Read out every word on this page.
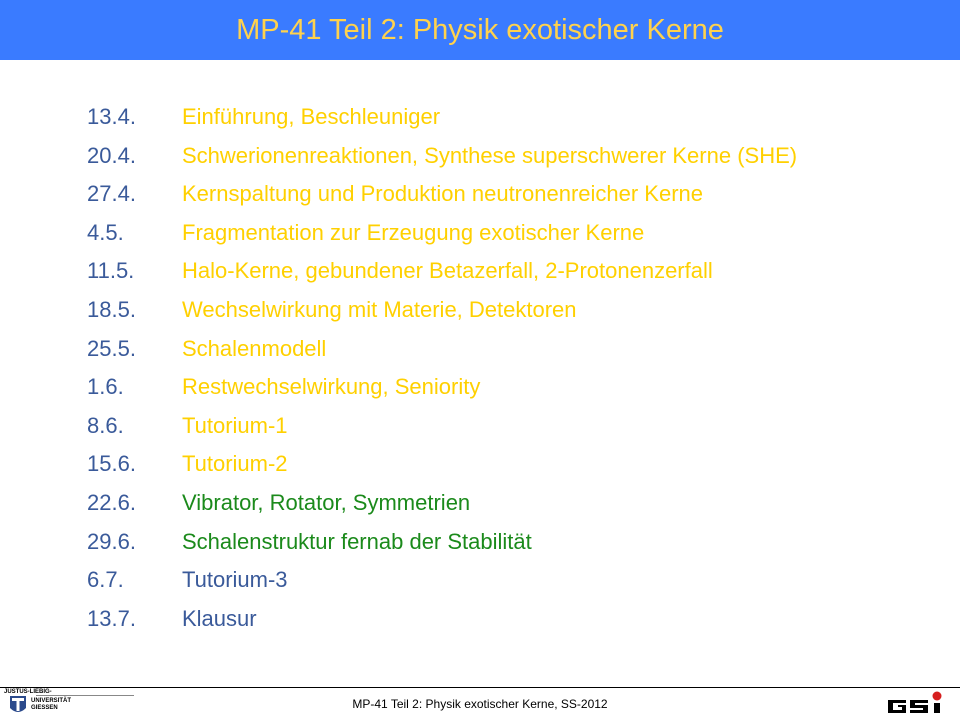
MP-41 Teil 2: Physik exotischer Kerne
13.4.	Einführung, Beschleuniger
20.4.	Schwerionenreaktionen, Synthese superschwerer Kerne (SHE)
27.4.	Kernspaltung und Produktion neutronenreicher Kerne
4.5.	Fragmentation zur Erzeugung exotischer Kerne
11.5.	Halo-Kerne, gebundener Betazerfall, 2-Protonenzerfall
18.5.	Wechselwirkung mit Materie, Detektoren
25.5.	Schalenmodell
1.6.	Restwechselwirkung, Seniority
8.6.	Tutorium-1
15.6.	Tutorium-2
22.6.	Vibrator, Rotator, Symmetrien
29.6.	Schalenstruktur fernab der Stabilität
6.7.	Tutorium-3
13.7.	Klausur
JUSTUS-LIEBIG-
UNIVERSITÄT
GIESSEN	MP-41 Teil 2: Physik exotischer Kerne, SS-2012
